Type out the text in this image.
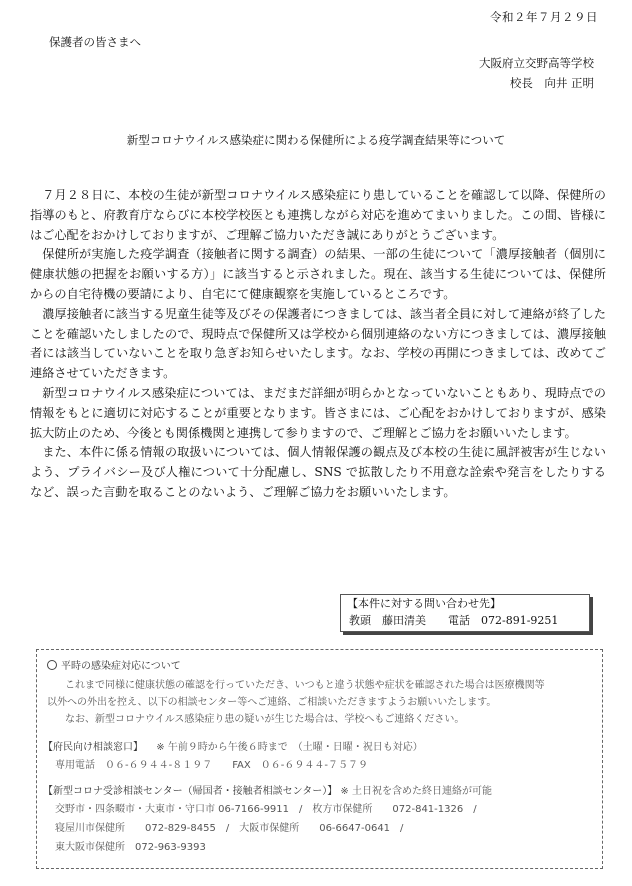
令和２年７月２９日
保護者の皆さまへ
大阪府立交野高等学校
校長　向井 正明
新型コロナウイルス感染症に関わる保健所による疫学調査結果等について

７月２８日に、本校の生徒が新型コロナウイルス感染症にり患していることを確認して以降、保健所の指導のもと、府教育庁ならびに本校学校医とも連携しながら対応を進めてまいりました。この間、皆様にはご心配をおかけしておりますが、ご理解ご協力いただき誠にありがとうございます。

保健所が実施した疫学調査（接触者に関する調査）の結果、一部の生徒について「濃厚接触者（個別に健康状態の把握をお願いする方）」に該当すると示されました。現在、該当する生徒については、保健所からの自宅待機の要請により、自宅にて健康観察を実施しているところです。

濃厚接触者に該当する児童生徒等及びその保護者につきましては、該当者全員に対して連絡が終了したことを確認いたしましたので、現時点で保健所又は学校から個別連絡のない方につきましては、濃厚接触者には該当していないことを取り急ぎお知らせいたします。なお、学校の再開につきましては、改めてご連絡させていただきます。

新型コロナウイルス感染症については、まだまだ詳細が明らかとなっていないこともあり、現時点での情報をもとに適切に対応することが重要となります。皆さまには、ご心配をおかけしておりますが、感染拡大防止のため、今後とも関係機関と連携して参りますので、ご理解とご協力をお願いいたします。

また、本件に係る情報の取扱いについては、個人情報保護の観点及び本校の生徒に風評被害が生じないよう、プライバシー及び人権について十分配慮し、SNS で拡散したり不用意な詮索や発言をしたりするなど、誤った言動を取ることのないよう、ご理解ご協力をお願いいたします。

【本件に対する問い合わせ先】
教頭　藤田清美　　電話　072-891-9251
平時の感染症対応について
これまで同様に健康状態の確認を行っていただき、いつもと違う状態や症状を確認された場合は医療機関等
以外への外出を控え、以下の相談センター等へご連絡、ご相談いただきますようお願いいたします。
なお、新型コロナウイルス感染症り患の疑いが生じた場合は、学校へもご連絡ください。
【府民向け相談窓口】 ※ 午前９時から午後６時まで　（土曜・日曜・祝日も対応）
専用電話　０６-６９４４-８１９７　　FAX　０６-６９４４-７５７９
【新型コロナ受診相談センター（帰国者・接触者相談センター）】 ※ 土日祝を含めた終日連絡が可能
交野市・四条畷市・大東市・守口市 06-7166-9911　/　枚方市保健所　　072-841-1326　/
寝屋川市保健所　　072-829-8455　/　大阪市保健所　　06-6647-0641　/
東大阪市保健所　072-963-9393
